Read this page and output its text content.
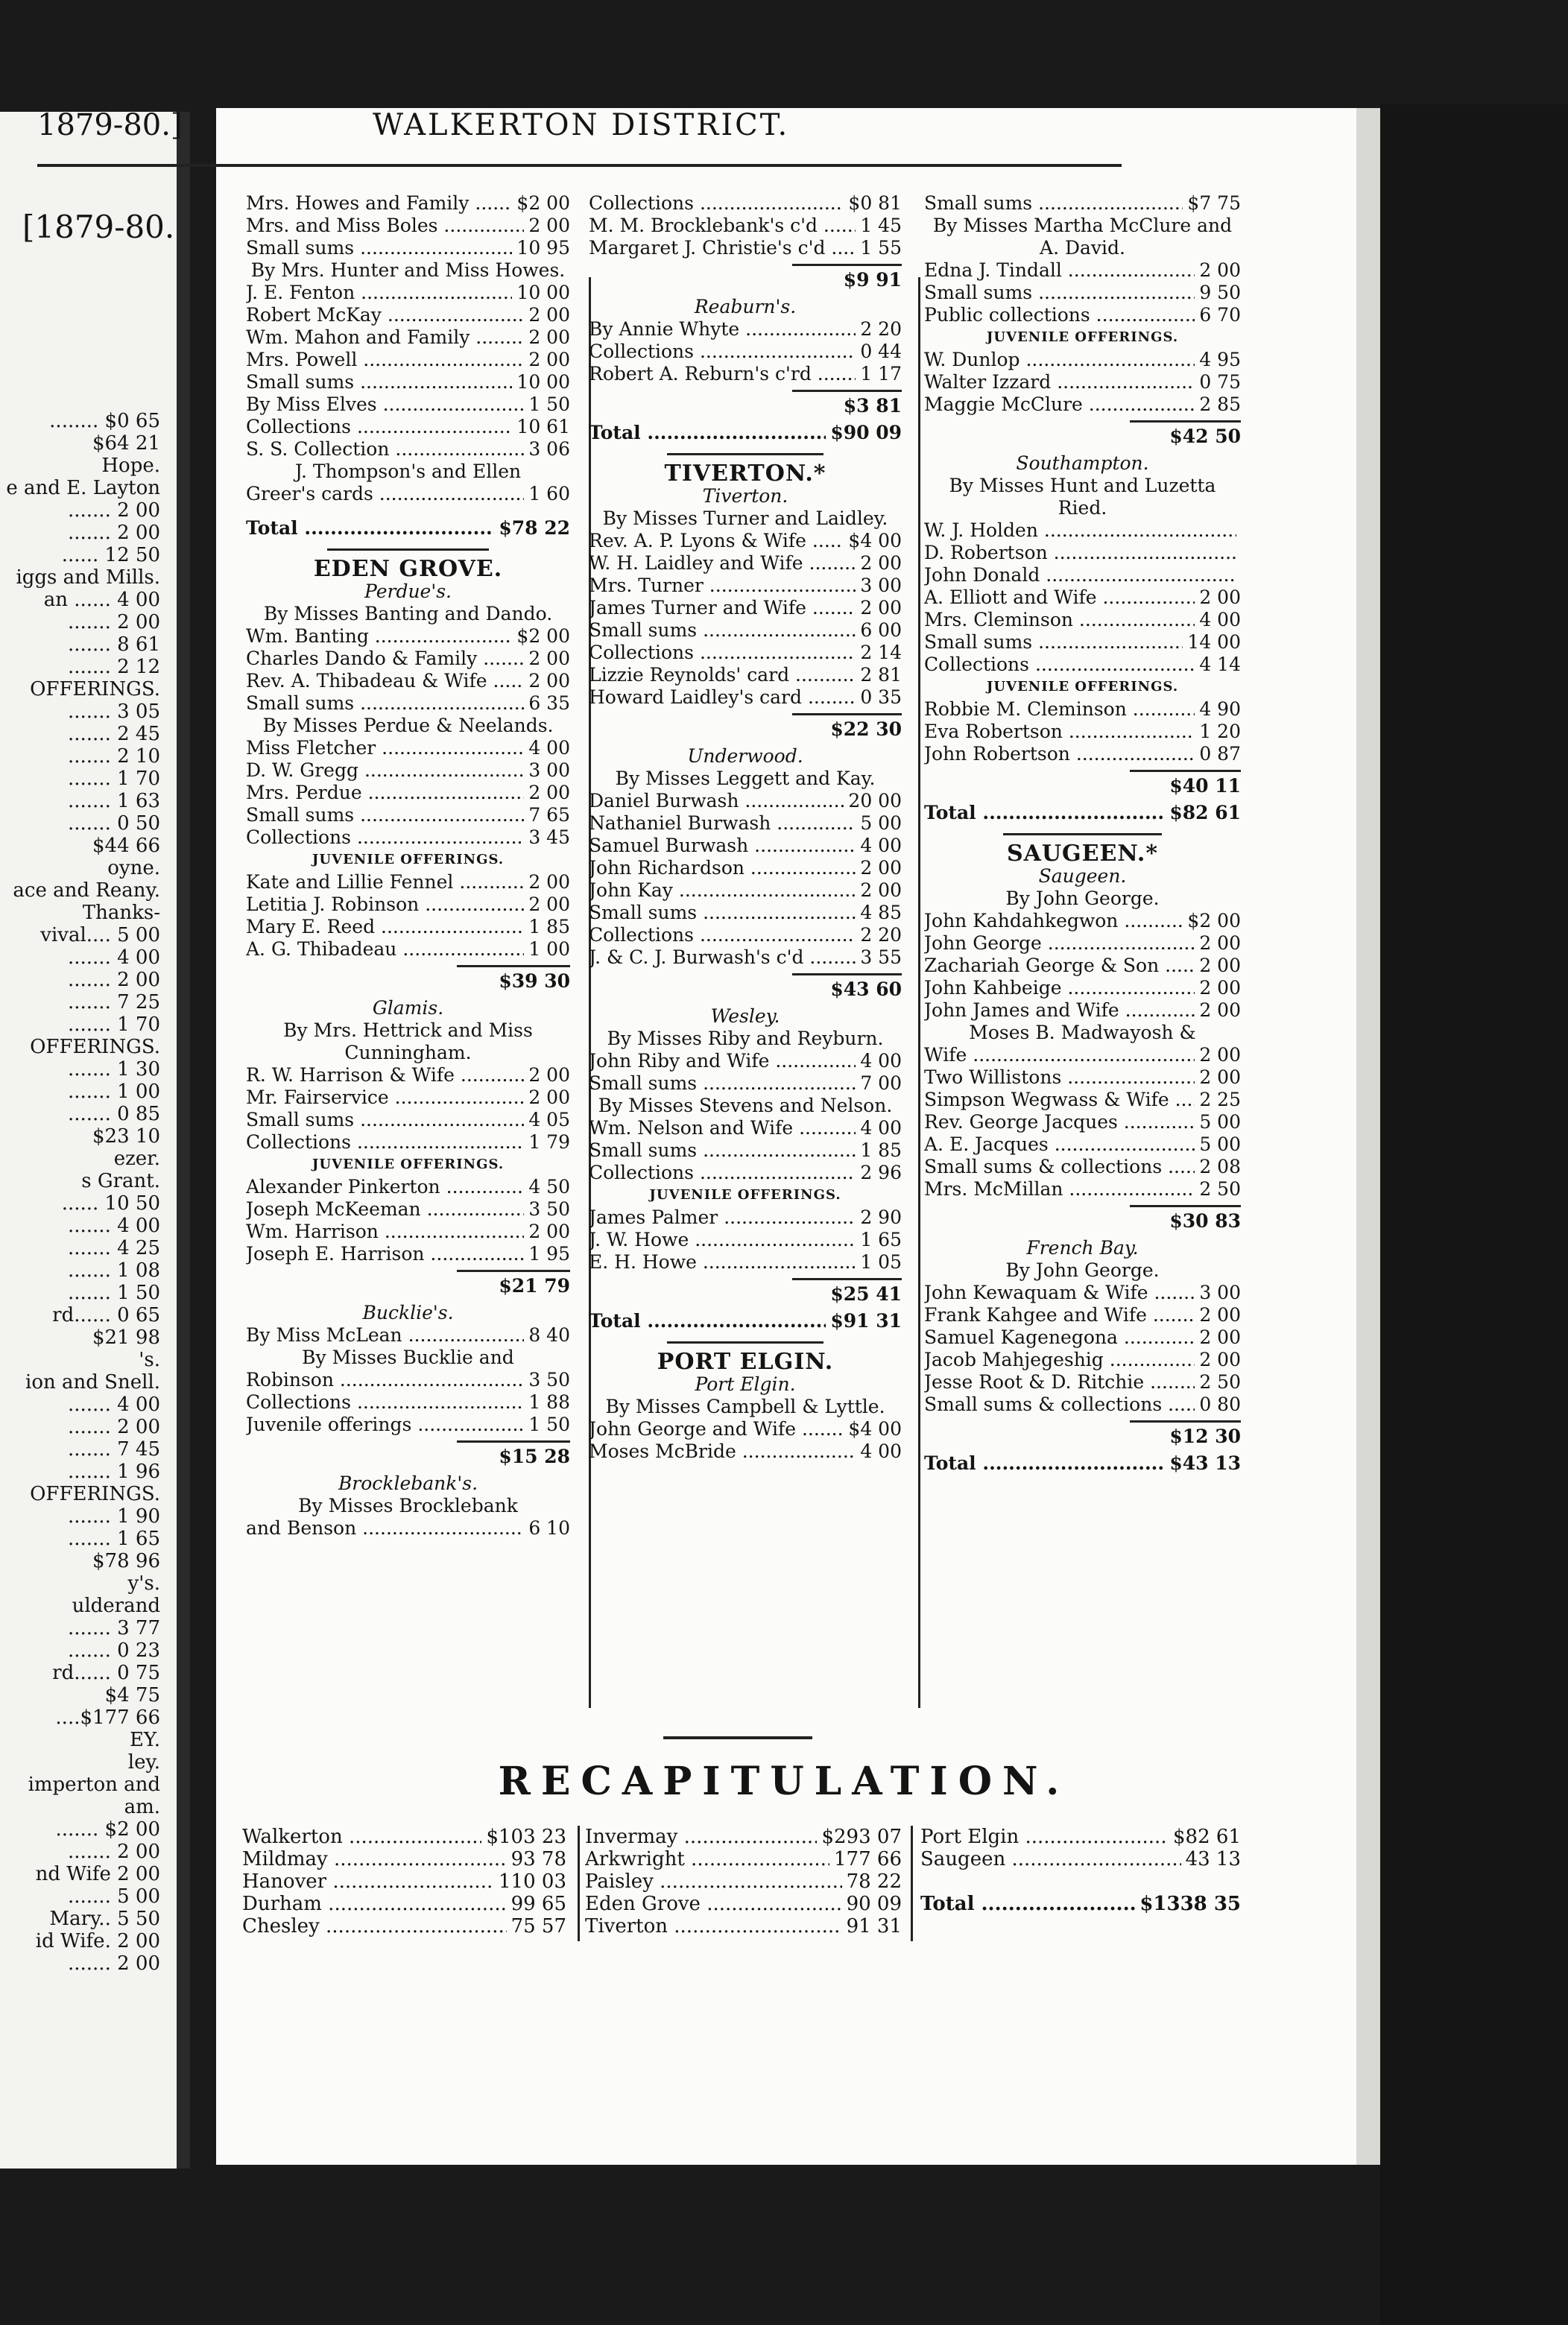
[1879-80.
........ $0 65
$64 21
Hope.
e and E. Layton
....... 2 00
....... 2 00
...... 12 50
iggs and Mills.
an ...... 4 00
....... 2 00
....... 8 61
....... 2 12
OFFERINGS.
....... 3 05
....... 2 45
....... 2 10
....... 1 70
....... 1 63
....... 0 50
$44 66
oyne.
ace and Reany.
Thanks-
vival.... 5 00
....... 4 00
....... 2 00
....... 7 25
....... 1 70
OFFERINGS.
....... 1 30
....... 1 00
....... 0 85
$23 10
ezer.
s Grant.
...... 10 50
....... 4 00
....... 4 25
....... 1 08
....... 1 50
rd...... 0 65
$21 98
's.
ion and Snell.
....... 4 00
....... 2 00
....... 7 45
....... 1 96
OFFERINGS.
....... 1 90
....... 1 65
$78 96
y's.
ulderand
....... 3 77
....... 0 23
rd...... 0 75
$4 75
....$177 66
EY.
ley.
imperton and
am.
....... $2 00
....... 2 00
nd Wife 2 00
....... 5 00
Mary.. 5 50
id Wife. 2 00
....... 2 00
1879-80.]	WALKERTON DISTRICT.	53
Mrs. Howes and Family .....	$2 00
Mrs. and Miss Boles .....	2 00
Small sums .....	10 95
By Mrs. Hunter and Miss Howes.
J. E. Fenton .....	10 00
Robert McKay .....	2 00
Wm. Mahon and Family .....	2 00
Mrs. Powell .....	2 00
Small sums .....	10 00
By Miss Elves .....	1 50
Collections .....	10 61
S. S. Collection .....	3 06
J. Thompson's and Ellen
Greer's cards .....	1 60
Total .....	$78 22
EDEN GROVE.
Perdue's.
By Misses Banting and Dando.
Wm. Banting .....	$2 00
Charles Dando & Family .....	2 00
Rev. A. Thibadeau & Wife .....	2 00
Small sums .....	6 35
By Misses Perdue & Neelands.
Miss Fletcher .....	4 00
D. W. Gregg .....	3 00
Mrs. Perdue .....	2 00
Small sums .....	7 65
Collections .....	3 45
JUVENILE OFFERINGS.
Kate and Lillie Fennel .....	2 00
Letitia J. Robinson .....	2 00
Mary E. Reed .....	1 85
A. G. Thibadeau .....	1 00
$39 30
Glamis.
By Mrs. Hettrick and Miss Cunningham.
R. W. Harrison & Wife .....	2 00
Mr. Fairservice .....	2 00
Small sums .....	4 05
Collections .....	1 79
JUVENILE OFFERINGS.
Alexander Pinkerton .....	4 50
Joseph McKeeman .....	3 50
Wm. Harrison .....	2 00
Joseph E. Harrison .....	1 95
$21 79
Bucklie's.
By Miss McLean .....	8 40
By Misses Bucklie and
Robinson .....	3 50
Collections .....	1 88
Juvenile offerings .....	1 50
$15 28
Brocklebank's.
By Misses Brocklebank
and Benson .....	6 10
Collections .....	$0 81
M. M. Brocklebank's c'd .....	1 45
Margaret J. Christie's c'd .....	1 55
$9 91
Reaburn's.
By Annie Whyte .....	2 20
Collections .....	0 44
Robert A. Reburn's c'rd .....	1 17
$3 81
Total .....	$90 09
TIVERTON.*
Tiverton.
By Misses Turner and Laidley.
Rev. A. P. Lyons & Wife .....	$4 00
W. H. Laidley and Wife .....	2 00
Mrs. Turner .....	3 00
James Turner and Wife .....	2 00
Small sums .....	6 00
Collections .....	2 14
Lizzie Reynolds' card .....	2 81
Howard Laidley's card .....	0 35
$22 30
Underwood.
By Misses Leggett and Kay.
Daniel Burwash .....	20 00
Nathaniel Burwash .....	5 00
Samuel Burwash .....	4 00
John Richardson .....	2 00
John Kay .....	2 00
Small sums .....	4 85
Collections .....	2 20
J. & C. J. Burwash's c'd .....	3 55
$43 60
Wesley.
By Misses Riby and Reyburn.
John Riby and Wife .....	4 00
Small sums .....	7 00
By Misses Stevens and Nelson.
Wm. Nelson and Wife .....	4 00
Small sums .....	1 85
Collections .....	2 96
JUVENILE OFFERINGS.
James Palmer .....	2 90
J. W. Howe .....	1 65
E. H. Howe .....	1 05
$25 41
Total .....	$91 31
PORT ELGIN.
Port Elgin.
By Misses Campbell & Lyttle.
John George and Wife .....	$4 00
Moses McBride .....	4 00
Small sums .....	$7 75
By Misses Martha McClure and A. David.
Edna J. Tindall .....	2 00
Small sums .....	9 50
Public collections .....	6 70
JUVENILE OFFERINGS.
W. Dunlop .....	4 95
Walter Izzard .....	0 75
Maggie McClure .....	2 85
$42 50
Southampton.
By Misses Hunt and Luzetta Ried.
W. J. Holden .....
D. Robertson .....
John Donald .....
A. Elliott and Wife .....	2 00
Mrs. Cleminson .....	4 00
Small sums .....	14 00
Collections .....	4 14
JUVENILE OFFERINGS.
Robbie M. Cleminson .....	4 90
Eva Robertson .....	1 20
John Robertson .....	0 87
$40 11
Total .....	$82 61
SAUGEEN.*
Saugeen.
By John George.
John Kahdahkegwon .....	$2 00
John George .....	2 00
Zachariah George & Son .....	2 00
John Kahbeige .....	2 00
John James and Wife .....	2 00
Moses B. Madwayosh &
Wife .....	2 00
Two Willistons .....	2 00
Simpson Wegwass & Wife .....	2 25
Rev. George Jacques .....	5 00
A. E. Jacques .....	5 00
Small sums & collections .....	2 08
Mrs. McMillan .....	2 50
$30 83
French Bay.
By John George.
John Kewaquam & Wife .....	3 00
Frank Kahgee and Wife .....	2 00
Samuel Kagenegona .....	2 00
Jacob Mahjegeshig .....	2 00
Jesse Root & D. Ritchie .....	2 50
Small sums & collections .....	0 80
$12 30
Total .....	$43 13
RECAPITULATION.
Walkerton .....	$103 23
Mildmay .....	93 78
Hanover .....	110 03
Durham .....	99 65
Chesley .....	75 57
Invermay .....	$293 07
Arkwright .....	177 66
Paisley .....	78 22
Eden Grove .....	90 09
Tiverton .....	91 31
Port Elgin .....	$82 61
Saugeen .....	43 13
Total .....	$1338 35
